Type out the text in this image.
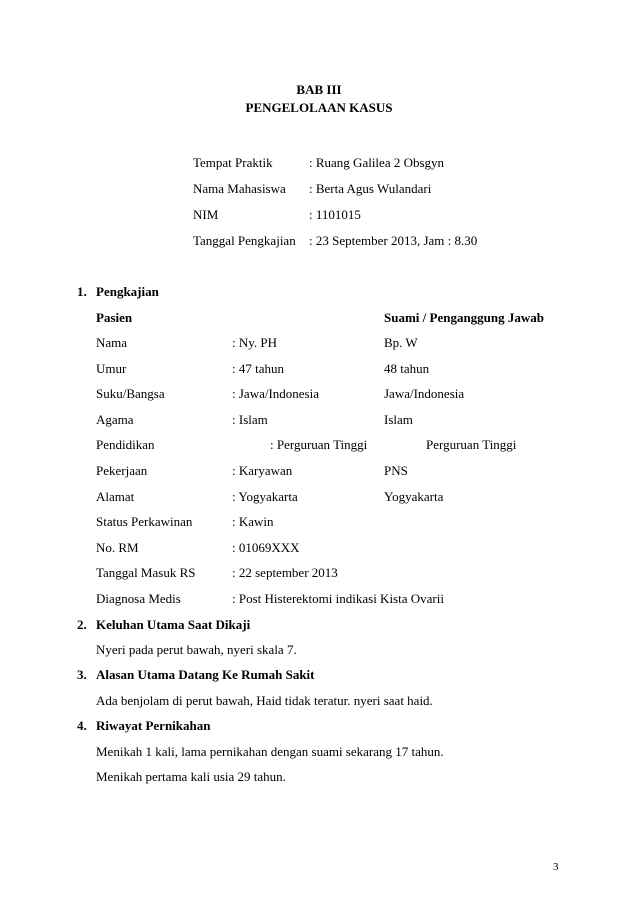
BAB III
PENGELOLAAN KASUS
Tempat Praktik	: Ruang Galilea 2 Obsgyn
Nama Mahasiswa : Berta Agus Wulandari
NIM	: 1101015
Tanggal Pengkajian : 23 September 2013, Jam : 8.30
1. Pengkajian
Pasien	Suami / Penganggung Jawab
Nama	: Ny. PH	Bp. W
Umur	: 47 tahun	48 tahun
Suku/Bangsa	: Jawa/Indonesia	Jawa/Indonesia
Agama	: Islam	Islam
Pendidikan	: Perguruan Tinggi	Perguruan Tinggi
Pekerjaan	: Karyawan	PNS
Alamat	: Yogyakarta	Yogyakarta
Status Perkawinan	: Kawin
No. RM	: 01069XXX
Tanggal Masuk RS	: 22 september 2013
Diagnosa Medis	: Post Histerektomi indikasi Kista Ovarii
2. Keluhan Utama Saat Dikaji
Nyeri pada perut bawah, nyeri skala 7.
3. Alasan Utama Datang Ke Rumah Sakit
Ada benjolam di perut bawah, Haid tidak teratur. nyeri saat haid.
4. Riwayat Pernikahan
Menikah 1 kali, lama pernikahan dengan suami sekarang 17 tahun.
Menikah pertama kali usia 29 tahun.
3
